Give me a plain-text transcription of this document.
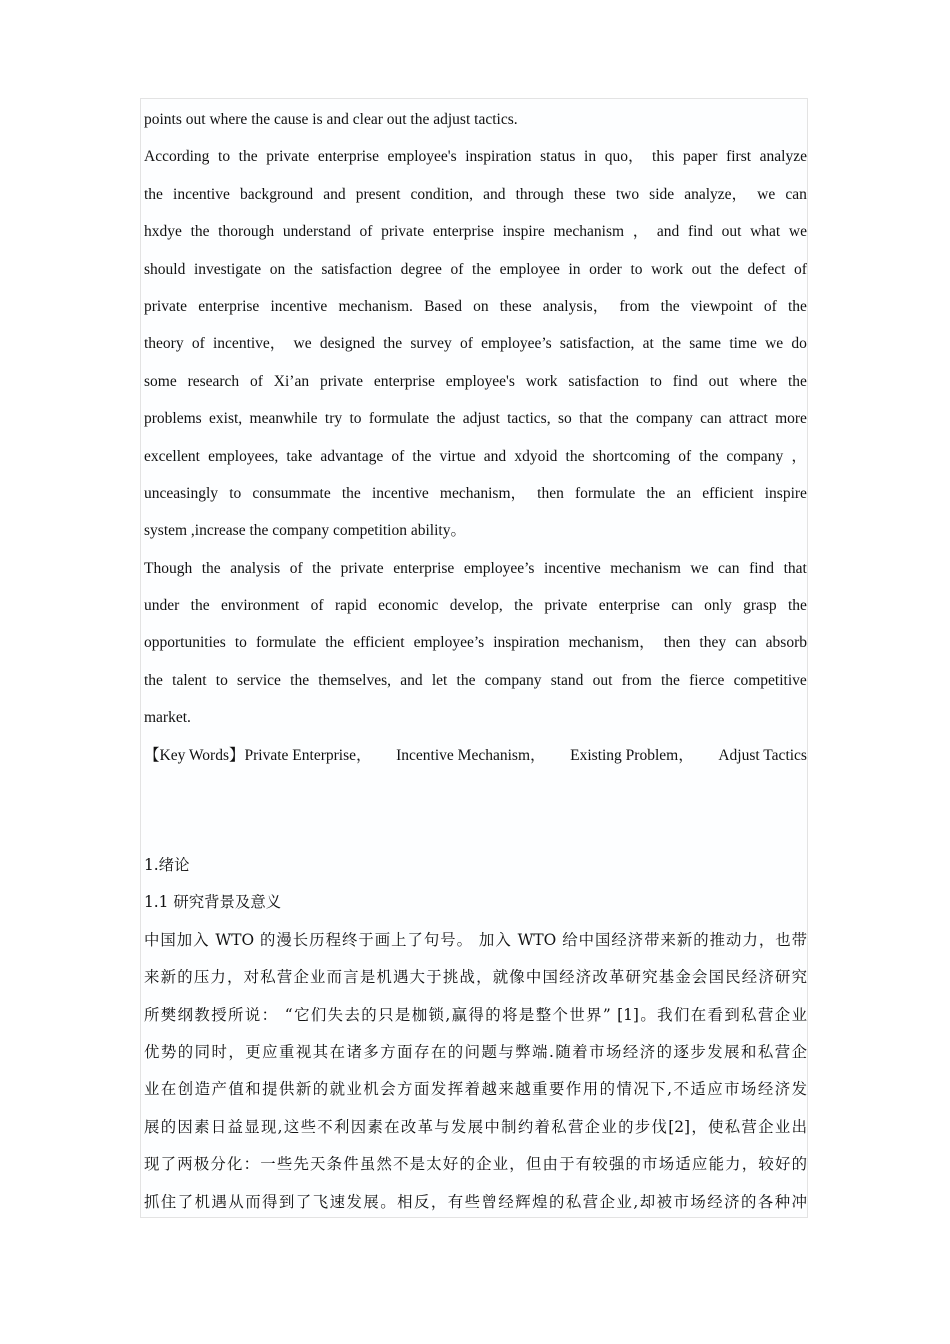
points out where the cause is and clear out the adjust tactics.
According to the private enterprise employee's inspiration status in quo， this paper first analyze
the incentive background and present condition, and through these two side analyze， we can
hxdye the thorough understand of private enterprise inspire mechanism ， and find out what we
should investigate on the satisfaction degree of the employee in order to work out the defect of
private enterprise incentive mechanism. Based on these analysis， from the viewpoint of the
theory of incentive， we designed the survey of employee’s satisfaction, at the same time we do
some research of Xi’an private enterprise employee's work satisfaction to find out where the
problems exist, meanwhile try to formulate the adjust tactics, so that the company can attract more
excellent employees, take advantage of the virtue and xdyoid the shortcoming of the company ，
unceasingly to consummate the incentive mechanism， then formulate the an efficient inspire
system ,increase the company competition ability。
Though the analysis of the private enterprise employee’s incentive mechanism we can find that
under the environment of rapid economic develop, the private enterprise can only grasp the
opportunities to formulate the efficient employee’s inspiration mechanism， then they can absorb
the talent to service the themselves, and let the company stand out from the fierce competitive
market.
【Key Words】Private Enterprise， Incentive Mechanism， Existing Problem， Adjust Tactics
1.绪论
1.1 研究背景及意义
中国加入 WTO 的漫长历程终于画上了句号。 加入 WTO 给中国经济带来新的推动力，也带
来新的压力，对私营企业而言是机遇大于挑战，就像中国经济改革研究基金会国民经济研究
所樊纲教授所说： “它们失去的只是枷锁,赢得的将是整个世界” [1]。我们在看到私营企业
优势的同时，更应重视其在诸多方面存在的问题与弊端.随着市场经济的逐步发展和私营企
业在创造产值和提供新的就业机会方面发挥着越来越重要作用的情况下,不适应市场经济发
展的因素日益显现,这些不利因素在改革与发展中制约着私营企业的步伐[2]，使私营企业出
现了两极分化：一些先天条件虽然不是太好的企业，但由于有较强的市场适应能力，较好的
抓住了机遇从而得到了飞速发展。相反，有些曾经辉煌的私营企业,却被市场经济的各种冲
